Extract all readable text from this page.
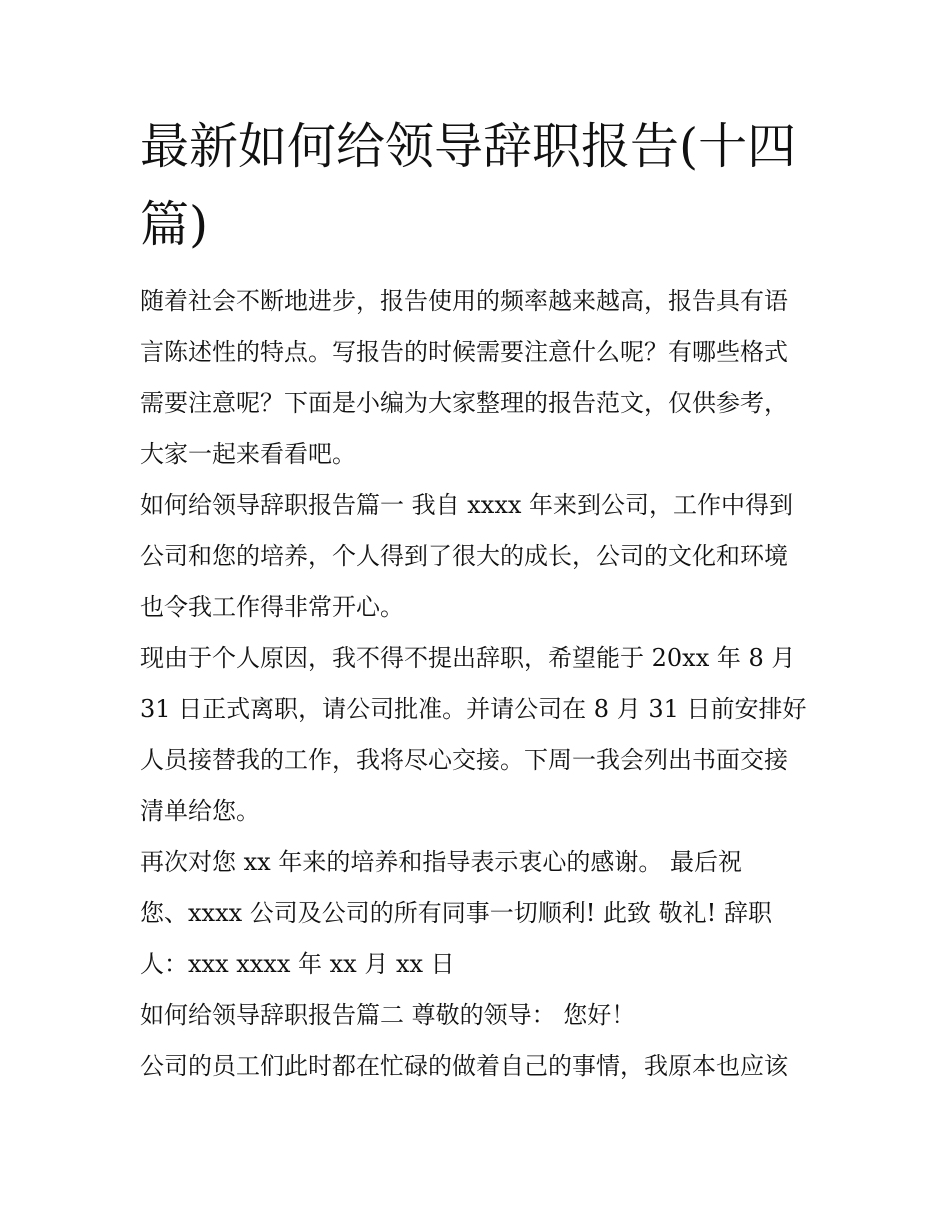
最新如何给领导辞职报告(十四
篇)

随着社会不断地进步，报告使用的频率越来越高，报告具有语

言陈述性的特点。写报告的时候需要注意什么呢？有哪些格式

需要注意呢？下面是小编为大家整理的报告范文，仅供参考，

大家一起来看看吧。

如何给领导辞职报告篇一 我自 xxxx 年来到公司，工作中得到

公司和您的培养，个人得到了很大的成长，公司的文化和环境

也令我工作得非常开心。

现由于个人原因，我不得不提出辞职，希望能于 20xx 年 8 月

31 日正式离职，请公司批准。并请公司在 8 月 31 日前安排好

人员接替我的工作，我将尽心交接。下周一我会列出书面交接

清单给您。

再次对您 xx 年来的培养和指导表示衷心的感谢。 最后祝

您、xxxx 公司及公司的所有同事一切顺利! 此致 敬礼! 辞职

人：xxx xxxx 年 xx 月 xx 日

如何给领导辞职报告篇二 尊敬的领导： 您好！

公司的员工们此时都在忙碌的做着自己的事情，我原本也应该
